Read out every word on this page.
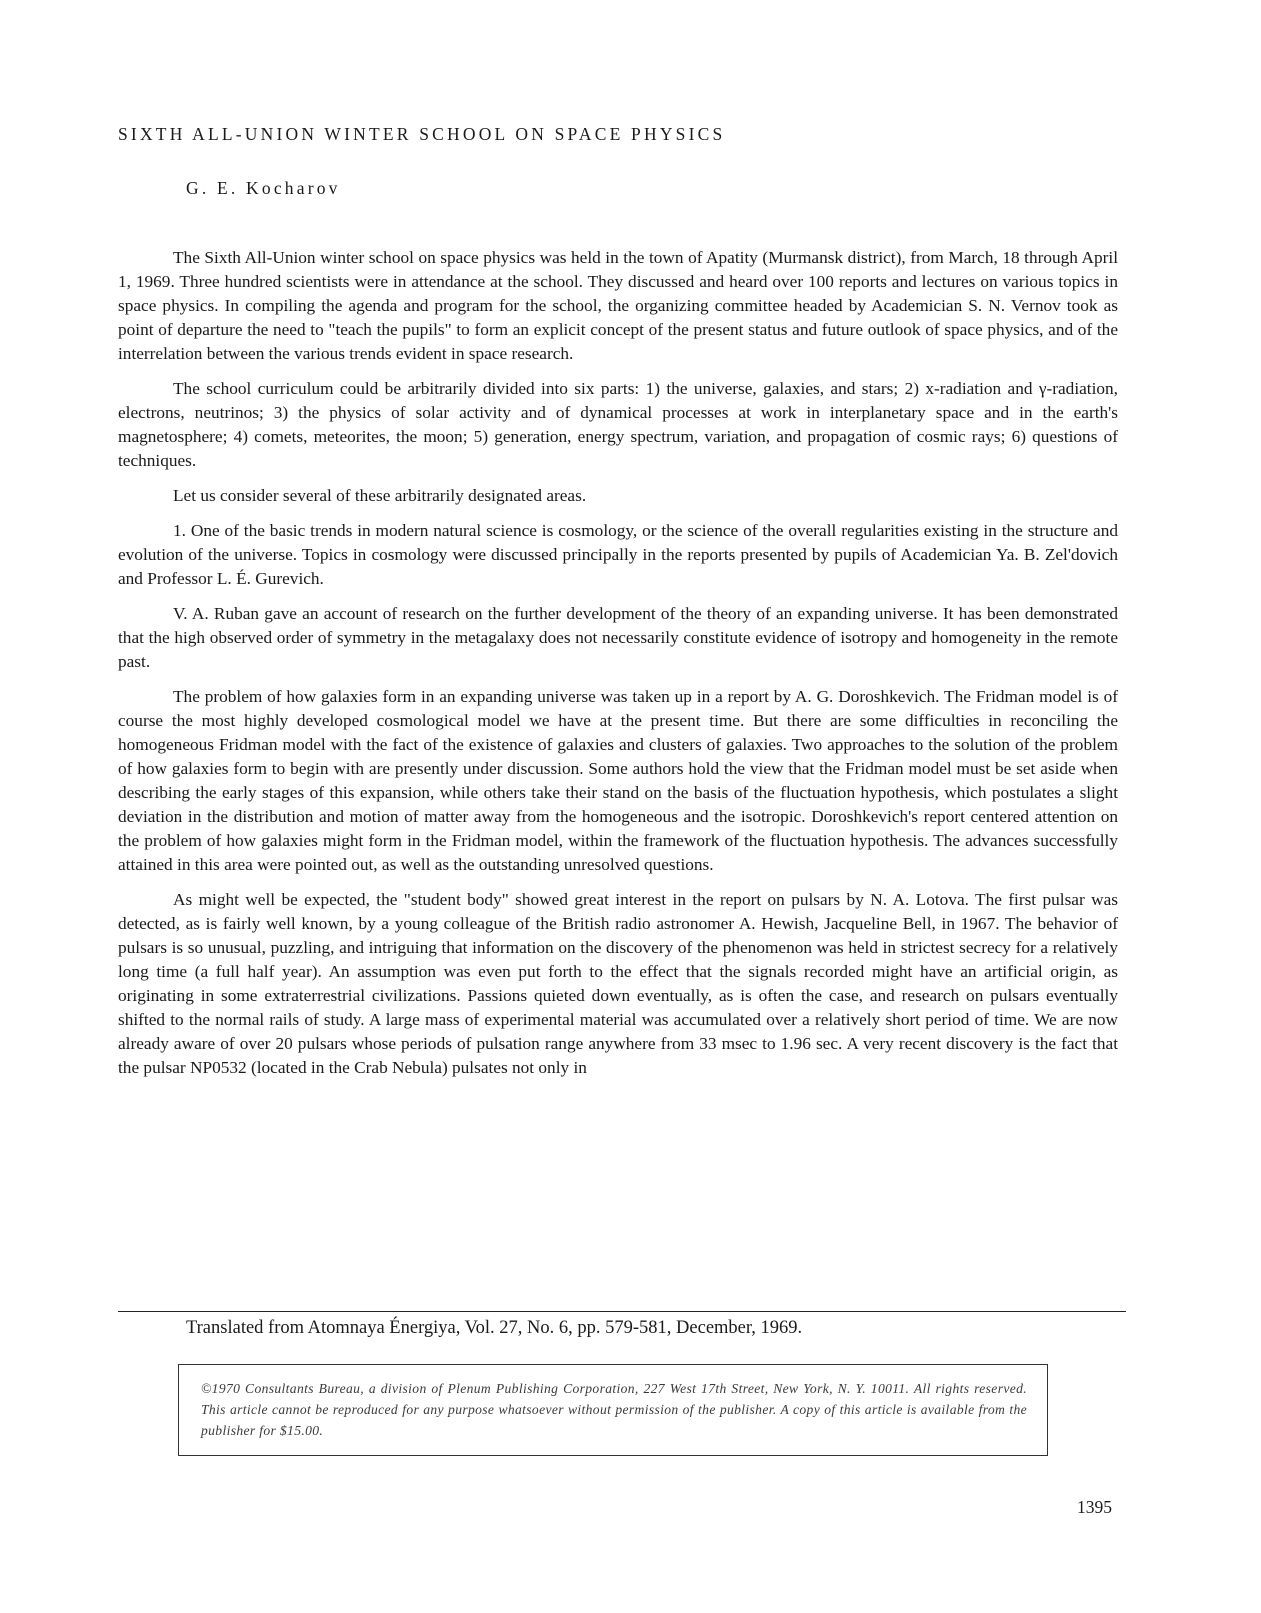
SIXTH ALL-UNION WINTER SCHOOL ON SPACE PHYSICS
G. E. Kocharov

The Sixth All-Union winter school on space physics was held in the town of Apatity (Murmansk district), from March, 18 through April 1, 1969. Three hundred scientists were in attendance at the school. They discussed and heard over 100 reports and lectures on various topics in space physics. In compiling the agenda and program for the school, the organizing committee headed by Academician S. N. Vernov took as point of departure the need to "teach the pupils" to form an explicit concept of the present status and future outlook of space physics, and of the interrelation between the various trends evident in space research.

The school curriculum could be arbitrarily divided into six parts: 1) the universe, galaxies, and stars; 2) x-radiation and γ-radiation, electrons, neutrinos; 3) the physics of solar activity and of dynamical processes at work in interplanetary space and in the earth's magnetosphere; 4) comets, meteorites, the moon; 5) generation, energy spectrum, variation, and propagation of cosmic rays; 6) questions of techniques.

Let us consider several of these arbitrarily designated areas.

1. One of the basic trends in modern natural science is cosmology, or the science of the overall regularities existing in the structure and evolution of the universe. Topics in cosmology were discussed principally in the reports presented by pupils of Academician Ya. B. Zel'dovich and Professor L. É. Gurevich.

V. A. Ruban gave an account of research on the further development of the theory of an expanding universe. It has been demonstrated that the high observed order of symmetry in the metagalaxy does not necessarily constitute evidence of isotropy and homogeneity in the remote past.

The problem of how galaxies form in an expanding universe was taken up in a report by A. G. Doroshkevich. The Fridman model is of course the most highly developed cosmological model we have at the present time. But there are some difficulties in reconciling the homogeneous Fridman model with the fact of the existence of galaxies and clusters of galaxies. Two approaches to the solution of the problem of how galaxies form to begin with are presently under discussion. Some authors hold the view that the Fridman model must be set aside when describing the early stages of this expansion, while others take their stand on the basis of the fluctuation hypothesis, which postulates a slight deviation in the distribution and motion of matter away from the homogeneous and the isotropic. Doroshkevich's report centered attention on the problem of how galaxies might form in the Fridman model, within the framework of the fluctuation hypothesis. The advances successfully attained in this area were pointed out, as well as the outstanding unresolved questions.

As might well be expected, the "student body" showed great interest in the report on pulsars by N. A. Lotova. The first pulsar was detected, as is fairly well known, by a young colleague of the British radio astronomer A. Hewish, Jacqueline Bell, in 1967. The behavior of pulsars is so unusual, puzzling, and intriguing that information on the discovery of the phenomenon was held in strictest secrecy for a relatively long time (a full half year). An assumption was even put forth to the effect that the signals recorded might have an artificial origin, as originating in some extraterrestrial civilizations. Passions quieted down eventually, as is often the case, and research on pulsars eventually shifted to the normal rails of study. A large mass of experimental material was accumulated over a relatively short period of time. We are now already aware of over 20 pulsars whose periods of pulsation range anywhere from 33 msec to 1.96 sec. A very recent discovery is the fact that the pulsar NP0532 (located in the Crab Nebula) pulsates not only in

Translated from Atomnaya Énergiya, Vol. 27, No. 6, pp. 579-581, December, 1969.
©1970 Consultants Bureau, a division of Plenum Publishing Corporation, 227 West 17th Street, New York, N. Y. 10011. All rights reserved. This article cannot be reproduced for any purpose whatsoever without permission of the publisher. A copy of this article is available from the publisher for $15.00.
1395
